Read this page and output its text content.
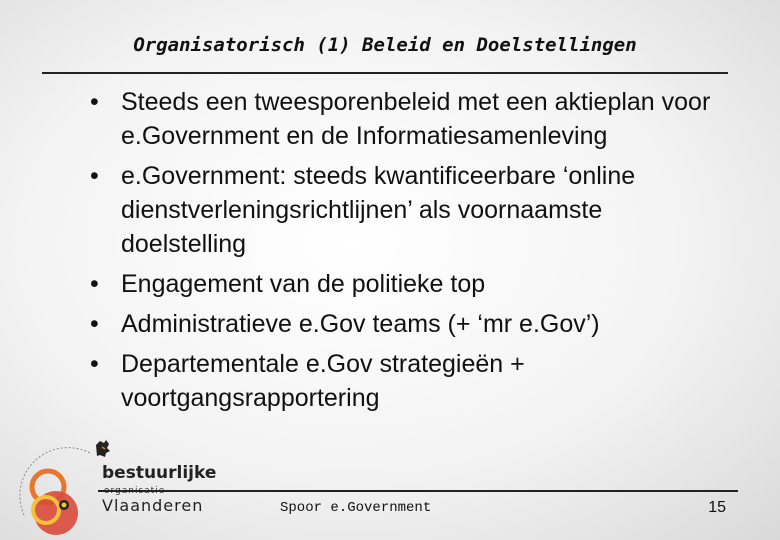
Organisatorisch (1) Beleid en Doelstellingen
• Steeds een tweesporenbeleid met een aktieplan voor e.Government en de Informatiesamenleving
• e.Government: steeds kwantificeerbare ‘online dienstverleningsrichtlijnen’ als voornaamste doelstelling
• Engagement van de politieke top
• Administratieve e.Gov teams (+ ‘mr e.Gov’)
• Departementale e.Gov strategieën + voortgangsrapportering
bestuurlijke
Vlaanderen	Spoor e.Government	15
